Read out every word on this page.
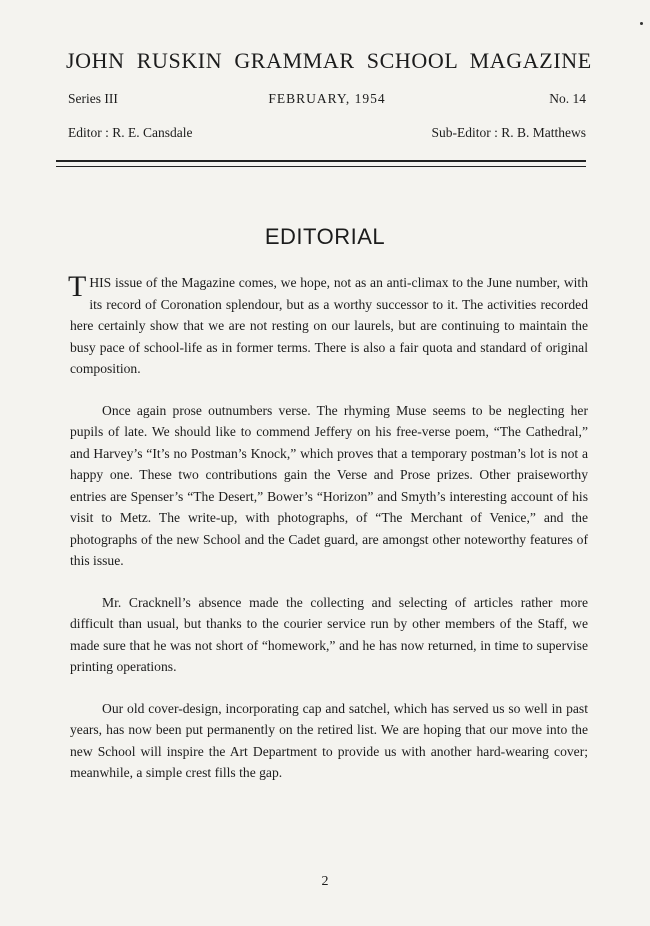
JOHN RUSKIN GRAMMAR SCHOOL MAGAZINE
Series III	FEBRUARY, 1954	No. 14
Editor : R. E. Cansdale	Sub-Editor : R. B. Matthews
EDITORIAL

THIS issue of the Magazine comes, we hope, not as an anti-climax to the June number, with its record of Coronation splendour, but as a worthy successor to it. The activities recorded here certainly show that we are not resting on our laurels, but are continuing to maintain the busy pace of school-life as in former terms. There is also a fair quota and standard of original composition.

Once again prose outnumbers verse. The rhyming Muse seems to be neglecting her pupils of late. We should like to commend Jeffery on his free-verse poem, “The Cathedral,” and Harvey’s “It’s no Postman’s Knock,” which proves that a temporary postman’s lot is not a happy one. These two contributions gain the Verse and Prose prizes. Other praiseworthy entries are Spenser’s “The Desert,” Bower’s “Horizon” and Smyth’s interesting account of his visit to Metz. The write-up, with photographs, of “The Merchant of Venice,” and the photographs of the new School and the Cadet guard, are amongst other noteworthy features of this issue.

Mr. Cracknell’s absence made the collecting and selecting of articles rather more difficult than usual, but thanks to the courier service run by other members of the Staff, we made sure that he was not short of “homework,” and he has now returned, in time to supervise printing operations.

Our old cover-design, incorporating cap and satchel, which has served us so well in past years, has now been put permanently on the retired list. We are hoping that our move into the new School will inspire the Art Department to provide us with another hard-wearing cover; meanwhile, a simple crest fills the gap.

2
